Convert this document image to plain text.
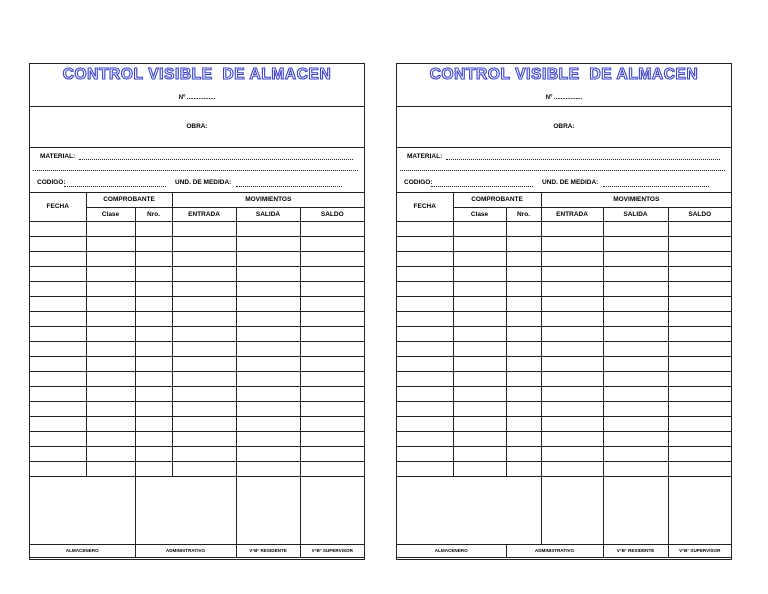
CONTROL VISIBLE  DE ALMACEN
Nº .................
OBRA:
MATERIAL:
CODIGO:	UND. DE MEDIDA:
FECHA	COMPROBANTE		MOVIMIENTOS		
	Clase	Nro.	ENTRADA	SALIDA	SALDO

ALMACENERO		ADMINISTRATIVO		V°B° RESIDENTE	V°B° SUPERVISOR
CONTROL VISIBLE  DE ALMACEN
Nº .................
OBRA:
MATERIAL:
CODIGO:	UND. DE MEDIDA:
FECHA	COMPROBANTE		MOVIMIENTOS		
	Clase	Nro.	ENTRADA	SALIDA	SALDO

ALMACENERO		ADMINISTRATIVO		V°B° RESIDENTE	V°B° SUPERVISOR
